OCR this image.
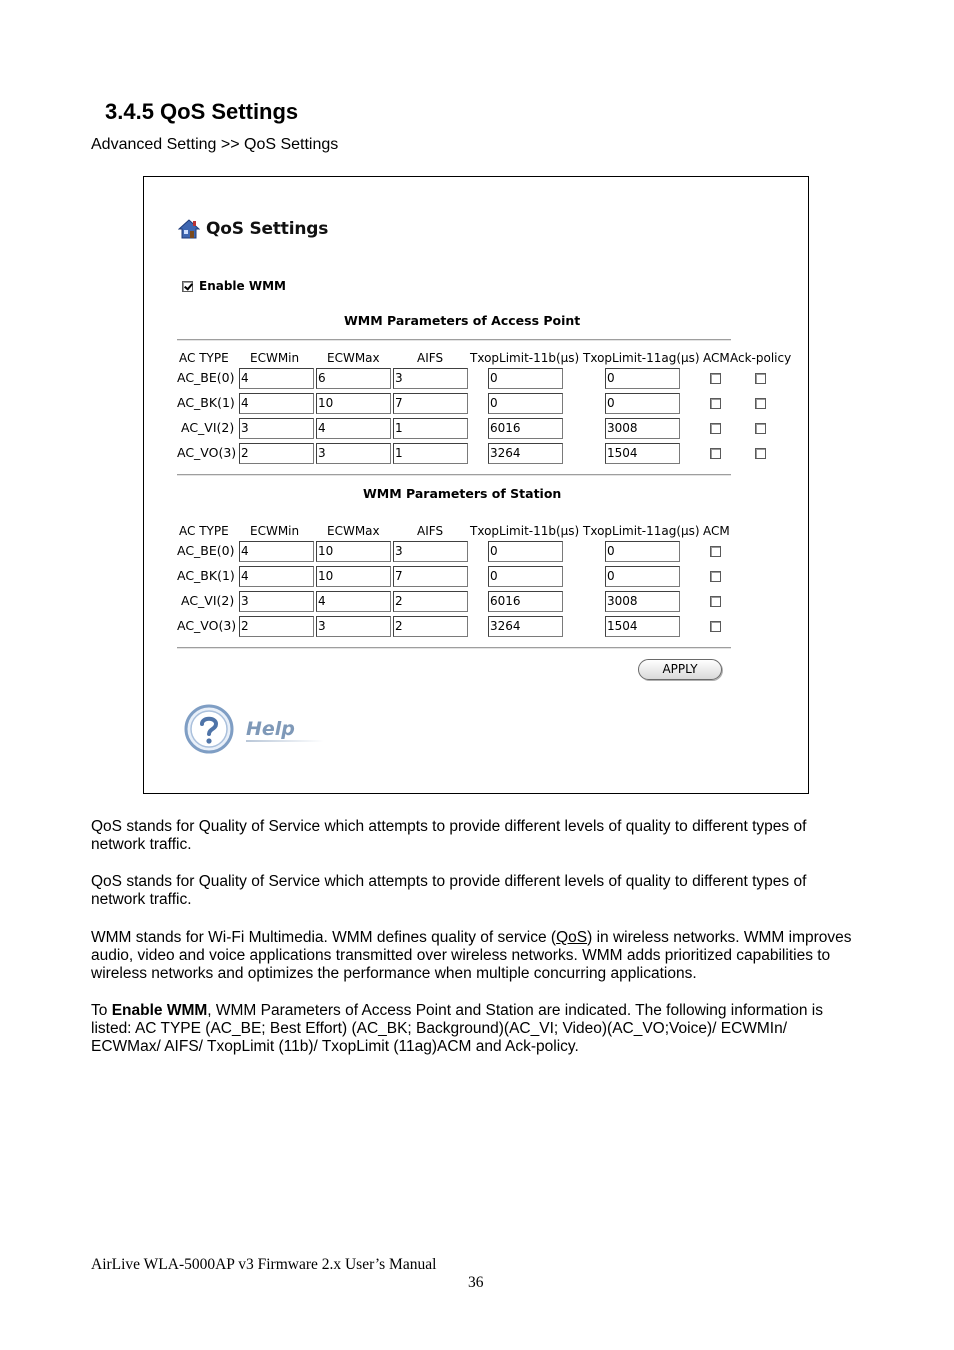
3.4.5 QoS Settings
Advanced Setting >> QoS Settings
QoS Settings
Enable WMM
WMM Parameters of Access Point
AC TYPE ECWMin ECWMax	AIFS TxopLimit-11b(μs) TxopLimit-11ag(μs) ACM Ack-policy
AC_BE(0) 4	6	3	0	0
AC_BK(1) 4	10	7	0	0
AC_VI(2) 3	4	1	6016	3008
AC_VO(3) 2	3	1	3264	1504
WMM Parameters of Station
AC TYPE ECWMin ECWMax	AIFS TxopLimit-11b(μs) TxopLimit-11ag(μs) ACM
AC_BE(0) 4	10	3	0	0
AC_BK(1) 4	10	7	0	0
AC_VI(2) 3	4	2	6016	3008
AC_VO(3) 2	3	2	3264	1504
APPLY
Help

QoS stands for Quality of Service which attempts to provide different levels of quality to different types of network traffic.

QoS stands for Quality of Service which attempts to provide different levels of quality to different types of network traffic.

WMM stands for Wi-Fi Multimedia. WMM defines quality of service (QoS) in wireless networks. WMM improves audio, video and voice applications transmitted over wireless networks. WMM adds prioritized capabilities to wireless networks and optimizes the performance when multiple concurring applications.

To Enable WMM, WMM Parameters of Access Point and Station are indicated. The following information is listed: AC TYPE (AC_BE; Best Effort) (AC_BK; Background)(AC_VI; Video)(AC_VO;Voice)/ ECWMIn/ ECWMax/ AIFS/ TxopLimit (11b)/ TxopLimit (11ag)ACM and Ack-policy.

AirLive WLA-5000AP v3 Firmware 2.x User’s Manual
36
